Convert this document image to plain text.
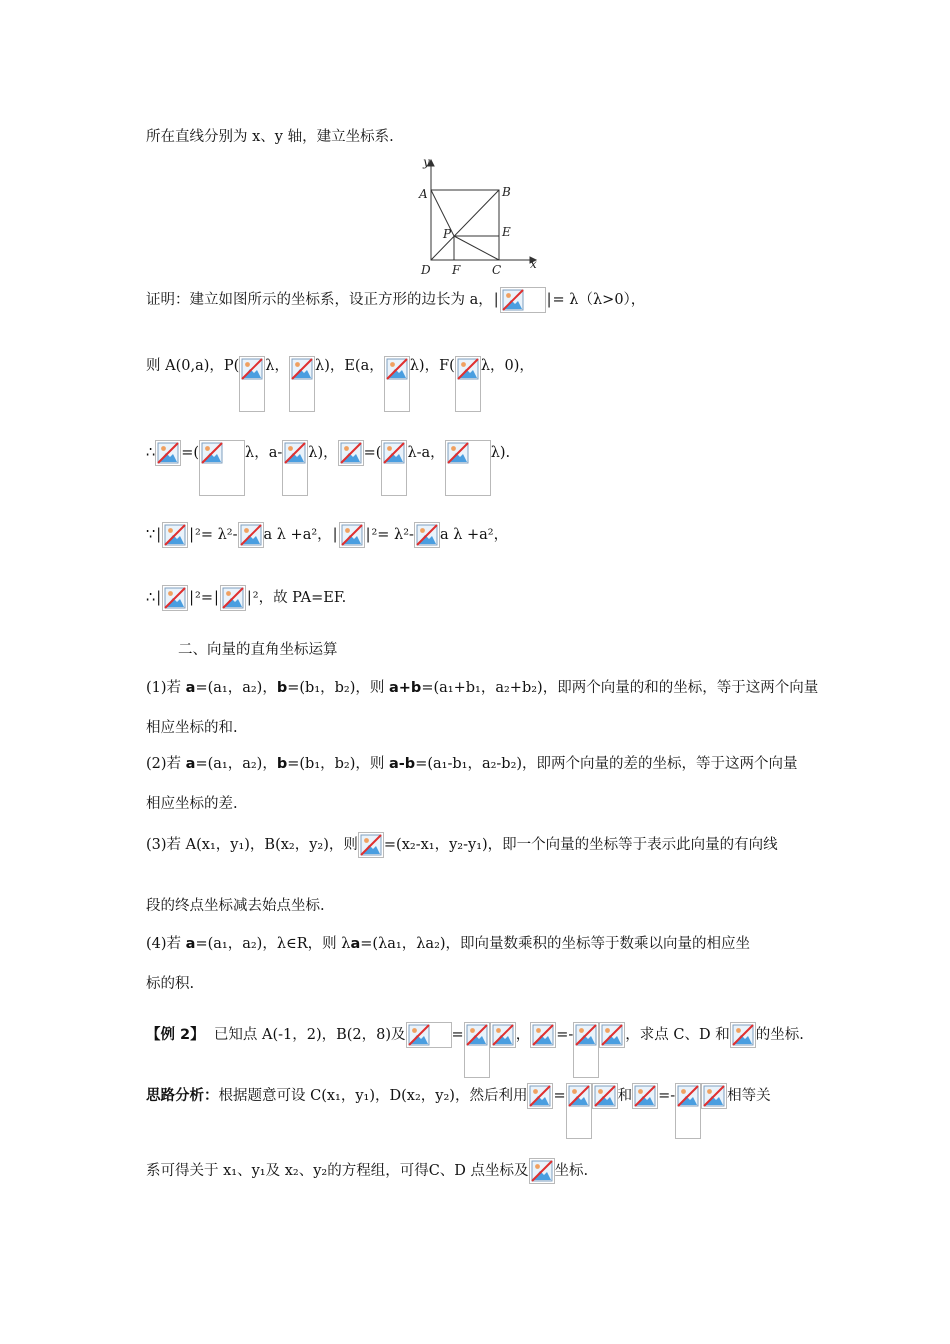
所在直线分别为 x、y 轴，建立坐标系.
y
x
A	B
C
D
E
F
P
证明：建立如图所示的坐标系，设正方形的边长为 a，|	|= λ（λ>0），
则 A(0,a)，P( λ， λ)，E(a， λ)，F( λ，0)，
∴ =(	λ，a- λ)， =( λ-a，	λ).
∵| |²= λ²- a λ +a²，| |²= λ²- a λ +a²，
∴| |²=| |²，故 PA=EF.
二、向量的直角坐标运算
(1)若 a=(a₁，a₂)，b=(b₁，b₂)，则 a+b=(a₁+b₁，a₂+b₂)，即两个向量的和的坐标，等于这两个向量
相应坐标的和.
(2)若 a=(a₁，a₂)，b=(b₁，b₂)，则 a-b=(a₁-b₁，a₂-b₂)，即两个向量的差的坐标，等于这两个向量
相应坐标的差.
(3)若 A(x₁，y₁)，B(x₂，y₂)，则 =(x₂-x₁，y₂-y₁)，即一个向量的坐标等于表示此向量的有向线
段的终点坐标减去始点坐标.
(4)若 a=(a₁，a₂)，λ∈R，则 λa=(λa₁，λa₂)，即向量数乘积的坐标等于数乘以向量的相应坐
标的积.
【例 2】 已知点 A(-1，2)，B(2，8)及	=	， =-	，求点 C、D 和 的坐标.
思路分析：根据题意可设 C(x₁，y₁)，D(x₂，y₂)，然后利用 =	和 =-	相等关
系可得关于 x₁、y₁及 x₂、y₂的方程组，可得C、D 点坐标及 坐标.
